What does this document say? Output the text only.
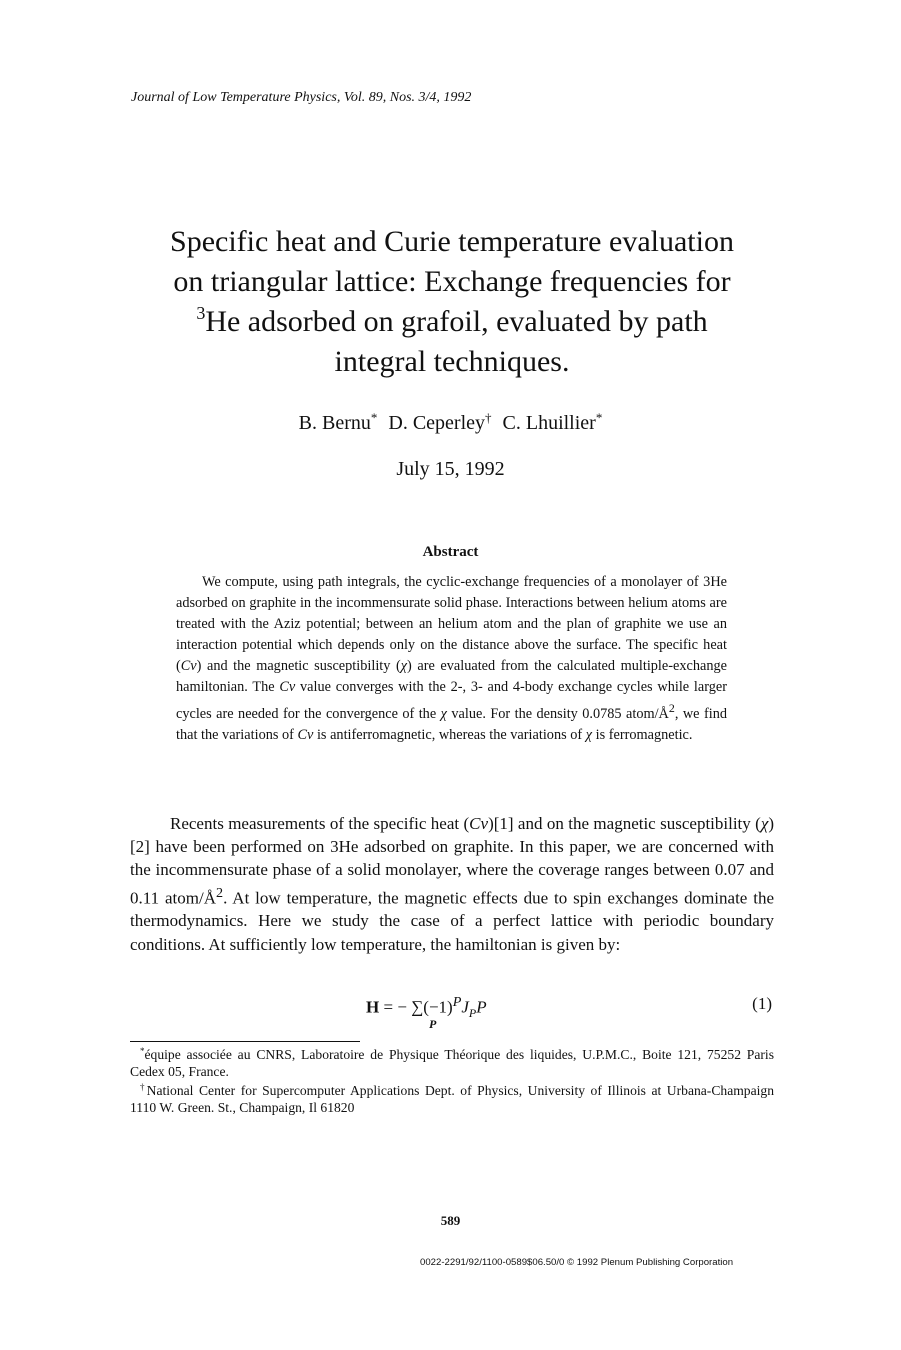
Journal of Low Temperature Physics, Vol. 89, Nos. 3/4, 1992
Specific heat and Curie temperature evaluation
on triangular lattice: Exchange frequencies for
$^3$He adsorbed on grafoil, evaluated by path
integral techniques.
B. Bernu* D. Ceperley† C. Lhuillier*
July 15, 1992
Abstract
We compute, using path integrals, the cyclic-exchange frequencies of a monolayer of 3He adsorbed on graphite in the incommensurate solid phase. Interactions between helium atoms are treated with the Aziz potential; between an helium atom and the plan of graphite we use an interaction potential which depends only on the distance above the surface. The specific heat (Cv) and the magnetic susceptibility (χ) are evaluated from the calculated multiple-exchange hamiltonian. The Cv value converges with the 2-, 3- and 4-body exchange cycles while larger cycles are needed for the convergence of the χ value. For the density 0.0785 atom/$Å^2$, we find that the variations of Cv is antiferromagnetic, whereas the variations of χ is ferromagnetic.
Recents measurements of the specific heat (Cv)[1] and on the magnetic susceptibility (χ)[2] have been performed on 3He adsorbed on graphite. In this paper, we are concerned with the incommensurate phase of a solid monolayer, where the coverage ranges between 0.07 and 0.11 atom/$Å^2$. At low temperature, the magnetic effects due to spin exchanges dominate the thermodynamics. Here we study the case of a perfect lattice with periodic boundary conditions. At sufficiently low temperature, the hamiltonian is given by:
H = − $\sum(-1)^PJ_PP$
P
(1)

*équipe associée au CNRS, Laboratoire de Physique Théorique des liquides, U.P.M.C., Boite 121, 75252 Paris Cedex 05, France.

†National Center for Supercomputer Applications Dept. of Physics, University of Illinois at Urbana-Champaign 1110 W. Green. St., Champaign, Il 61820

589
0022-2291/92/1100-0589$06.50/0 © 1992 Plenum Publishing Corporation
